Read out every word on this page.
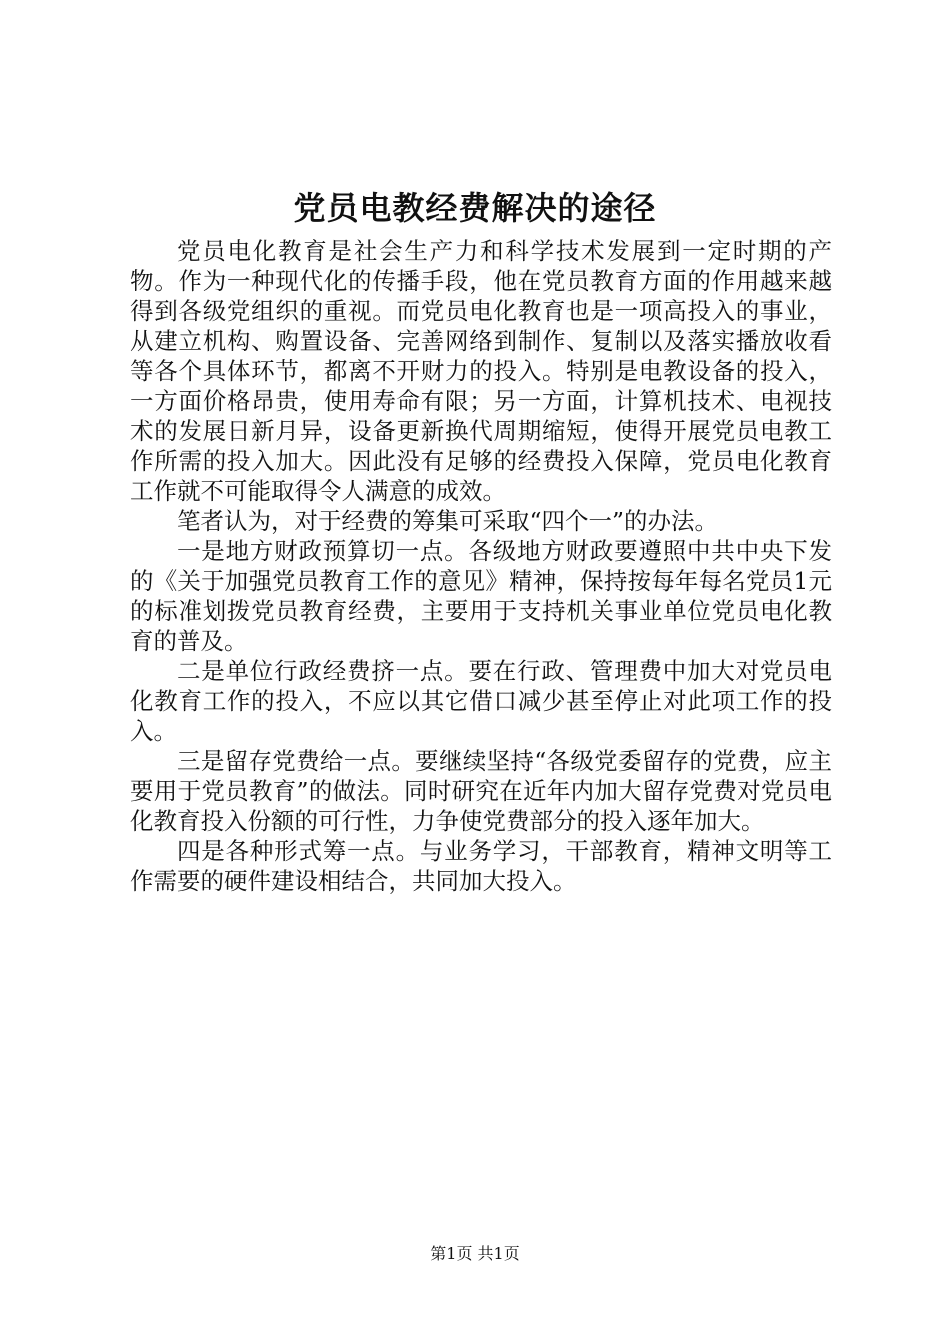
党员电教经费解决的途径

党员电化教育是社会生产力和科学技术发展到一定时期的产物。作为一种现代化的传播手段，他在党员教育方面的作用越来越得到各级党组织的重视。而党员电化教育也是一项高投入的事业，从建立机构、购置设备、完善网络到制作、复制以及落实播放收看等各个具体环节，都离不开财力的投入。特别是电教设备的投入，一方面价格昂贵，使用寿命有限；另一方面，计算机技术、电视技术的发展日新月异，设备更新换代周期缩短，使得开展党员电教工作所需的投入加大。因此没有足够的经费投入保障，党员电化教育工作就不可能取得令人满意的成效。

笔者认为，对于经费的筹集可采取“四个一”的办法。

一是地方财政预算切一点。各级地方财政要遵照中共中央下发的《关于加强党员教育工作的意见》精神，保持按每年每名党员1元的标准划拨党员教育经费，主要用于支持机关事业单位党员电化教育的普及。

二是单位行政经费挤一点。要在行政、管理费中加大对党员电化教育工作的投入，不应以其它借口减少甚至停止对此项工作的投入。

三是留存党费给一点。要继续坚持“各级党委留存的党费，应主要用于党员教育”的做法。同时研究在近年内加大留存党费对党员电化教育投入份额的可行性，力争使党费部分的投入逐年加大。

四是各种形式筹一点。与业务学习，干部教育，精神文明等工作需要的硬件建设相结合，共同加大投入。

第1页 共1页
